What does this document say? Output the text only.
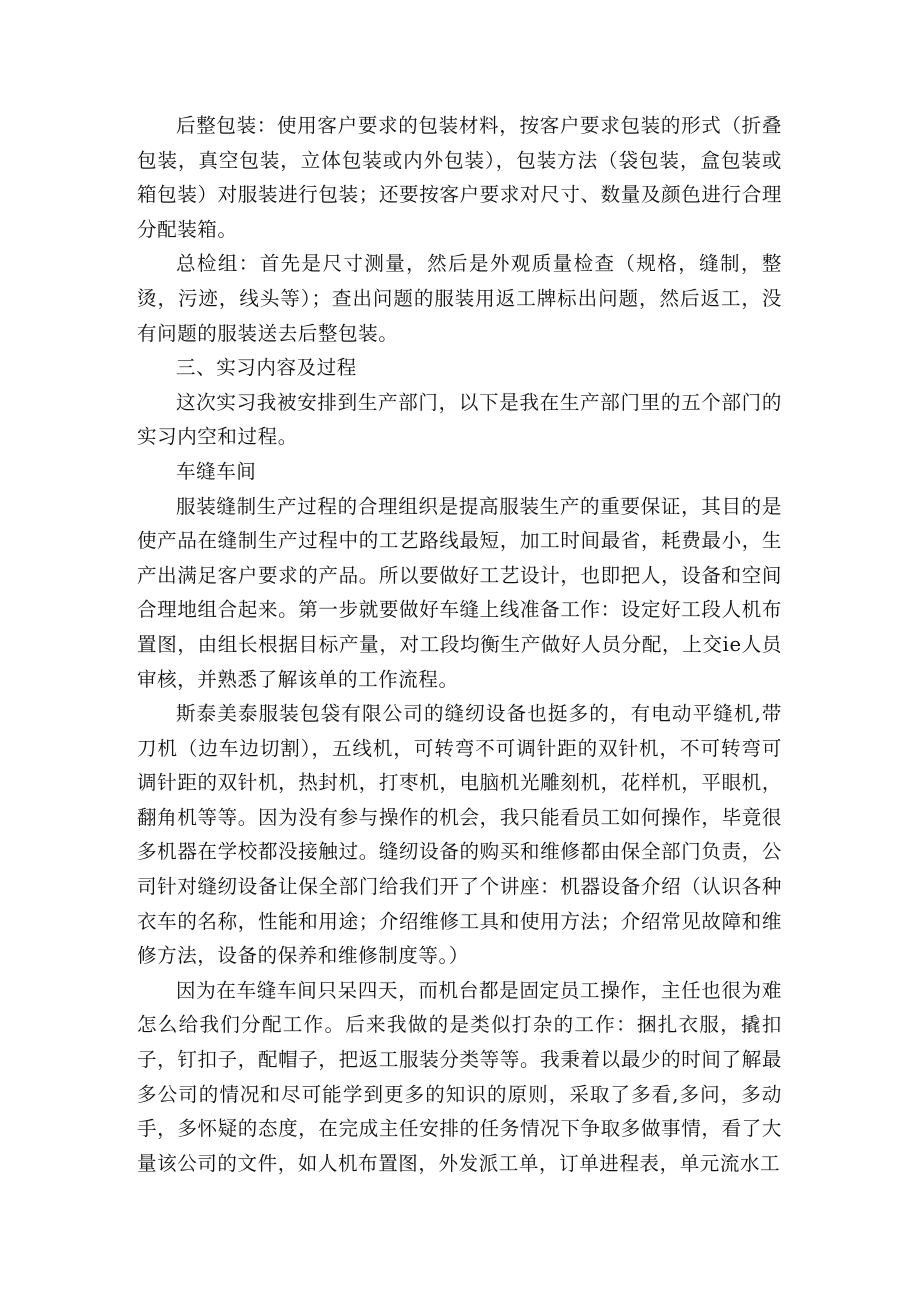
后整包装：使用客户要求的包装材料，按客户要求包装的形式（折叠包装，真空包装，立体包装或内外包装），包装方法（袋包装，盒包装或箱包装）对服装进行包装；还要按客户要求对尺寸、数量及颜色进行合理分配装箱。

总检组：首先是尺寸测量，然后是外观质量检查（规格，缝制，整烫，污迹，线头等）；查出问题的服装用返工牌标出问题，然后返工，没有问题的服装送去后整包装。

三、实习内容及过程

这次实习我被安排到生产部门，以下是我在生产部门里的五个部门的实习内空和过程。

车缝车间

服装缝制生产过程的合理组织是提高服装生产的重要保证，其目的是使产品在缝制生产过程中的工艺路线最短，加工时间最省，耗费最小，生产出满足客户要求的产品。所以要做好工艺设计，也即把人，设备和空间合理地组合起来。第一步就要做好车缝上线准备工作：设定好工段人机布置图，由组长根据目标产量，对工段均衡生产做好人员分配，上交ie人员审核，并熟悉了解该单的工作流程。

斯泰美泰服装包袋有限公司的缝纫设备也挺多的，有电动平缝机,带刀机（边车边切割），五线机，可转弯不可调针距的双针机，不可转弯可调针距的双针机，热封机，打枣机，电脑机光雕刻机，花样机，平眼机，翻角机等等。因为没有参与操作的机会，我只能看员工如何操作，毕竟很多机器在学校都没接触过。缝纫设备的购买和维修都由保全部门负责，公司针对缝纫设备让保全部门给我们开了个讲座：机器设备介绍（认识各种衣车的名称，性能和用途；介绍维修工具和使用方法；介绍常见故障和维修方法，设备的保养和维修制度等。）

因为在车缝车间只呆四天，而机台都是固定员工操作，主任也很为难怎么给我们分配工作。后来我做的是类似打杂的工作：捆扎衣服，撬扣子，钉扣子，配帽子，把返工服装分类等等。我秉着以最少的时间了解最多公司的情况和尽可能学到更多的知识的原则，采取了多看,多问，多动手，多怀疑的态度，在完成主任安排的任务情况下争取多做事情，看了大量该公司的文件，如人机布置图，外发派工单，订单进程表，单元流水工
